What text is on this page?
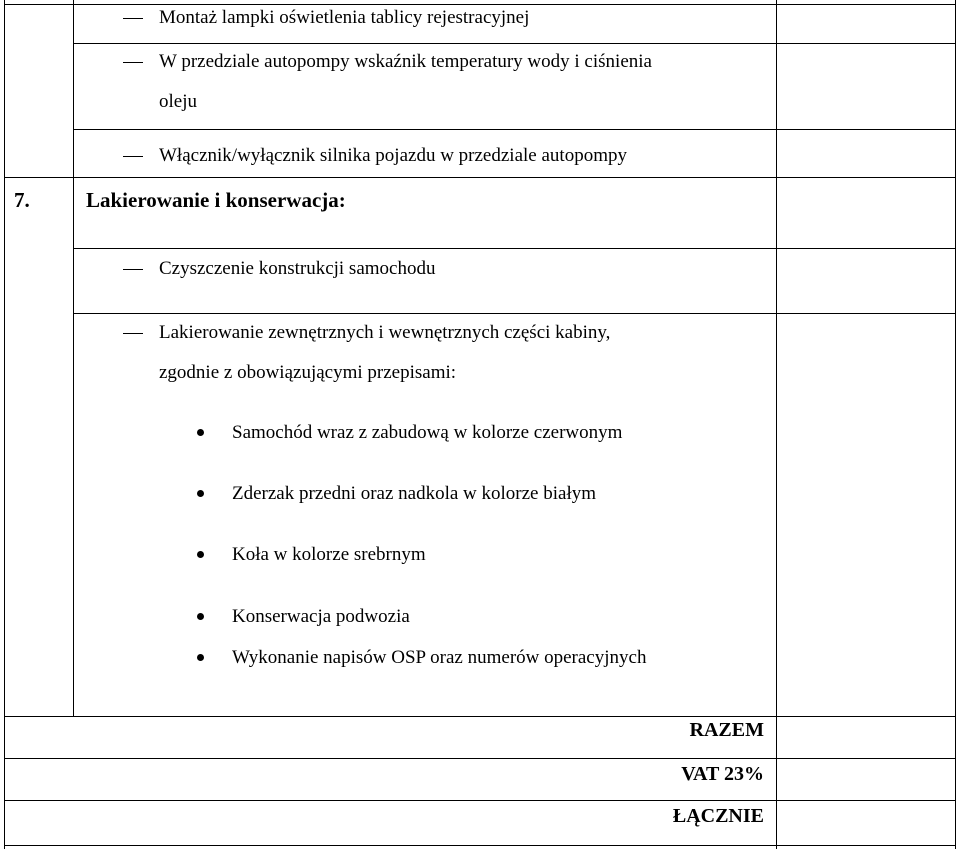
Montaż lampki oświetlenia tablicy rejestracyjnej
W przedziale autopompy wskaźnik temperatury wody i ciśnienia
oleju
Włącznik/wyłącznik silnika pojazdu w przedziale autopompy
7.	Lakierowanie i konserwacja:
Czyszczenie konstrukcji samochodu
Lakierowanie zewnętrznych i wewnętrznych części kabiny,
zgodnie z obowiązującymi przepisami:
Samochód wraz z zabudową w kolorze czerwonym
Zderzak przedni oraz nadkola w kolorze białym
Koła w kolorze srebrnym
Konserwacja podwozia
Wykonanie napisów OSP oraz numerów operacyjnych
RAZEM
VAT 23%
ŁĄCZNIE
